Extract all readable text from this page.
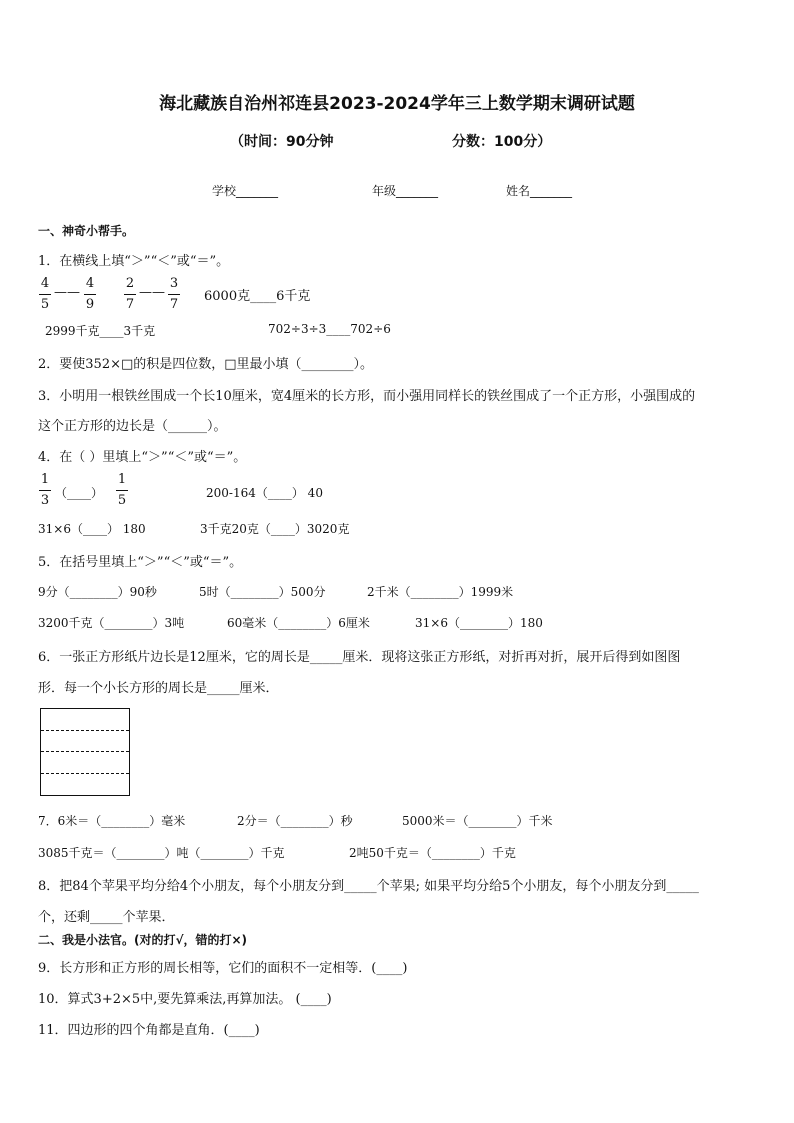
海北藏族自治州祁连县2023-2024学年三上数学期末调研试题
（时间：90分钟	分数：100分）
学校_______	年级_______	姓名_______
一、神奇小帮手。
1．在横线上填“＞”“＜”或“＝”。
4
5
——
4
9
2
7
——
3
7
6000克____6千克
2999千克____3千克	702÷3÷3____702÷6
2．要使352×□的积是四位数，□里最小填（________）。
3．小明用一根铁丝围成一个长10厘米，宽4厘米的长方形，而小强用同样长的铁丝围成了一个正方形，小强围成的
这个正方形的边长是（______）。
4．在（ ）里填上“＞”“＜”或“＝”。
1
3 （____）
1
5	200-164（____） 40
31×6（____） 180	3千克20克（____）3020克
5．在括号里填上“＞”“＜”或“＝”。
9分（________）90秒	5时（________）500分	2千米（________）1999米
3200千克（________）3吨	60毫米（________）6厘米	31×6（________）180
6．一张正方形纸片边长是12厘米，它的周长是_____厘米．现将这张正方形纸，对折再对折，展开后得到如图图
形．每一个小长方形的周长是_____厘米．
7．6米＝（________）毫米	2分＝（________）秒	5000米＝（________）千米
3085千克＝（________）吨（________）千克	2吨50千克＝（________）千克
8．把84个苹果平均分给4个小朋友，每个小朋友分到_____个苹果; 如果平均分给5个小朋友，每个小朋友分到_____
个，还剩_____个苹果．
二、我是小法官。(对的打√，错的打×)
9．长方形和正方形的周长相等，它们的面积不一定相等．(____)
10．算式3+2×5中,要先算乘法,再算加法。 (____)
11．四边形的四个角都是直角．(____)
